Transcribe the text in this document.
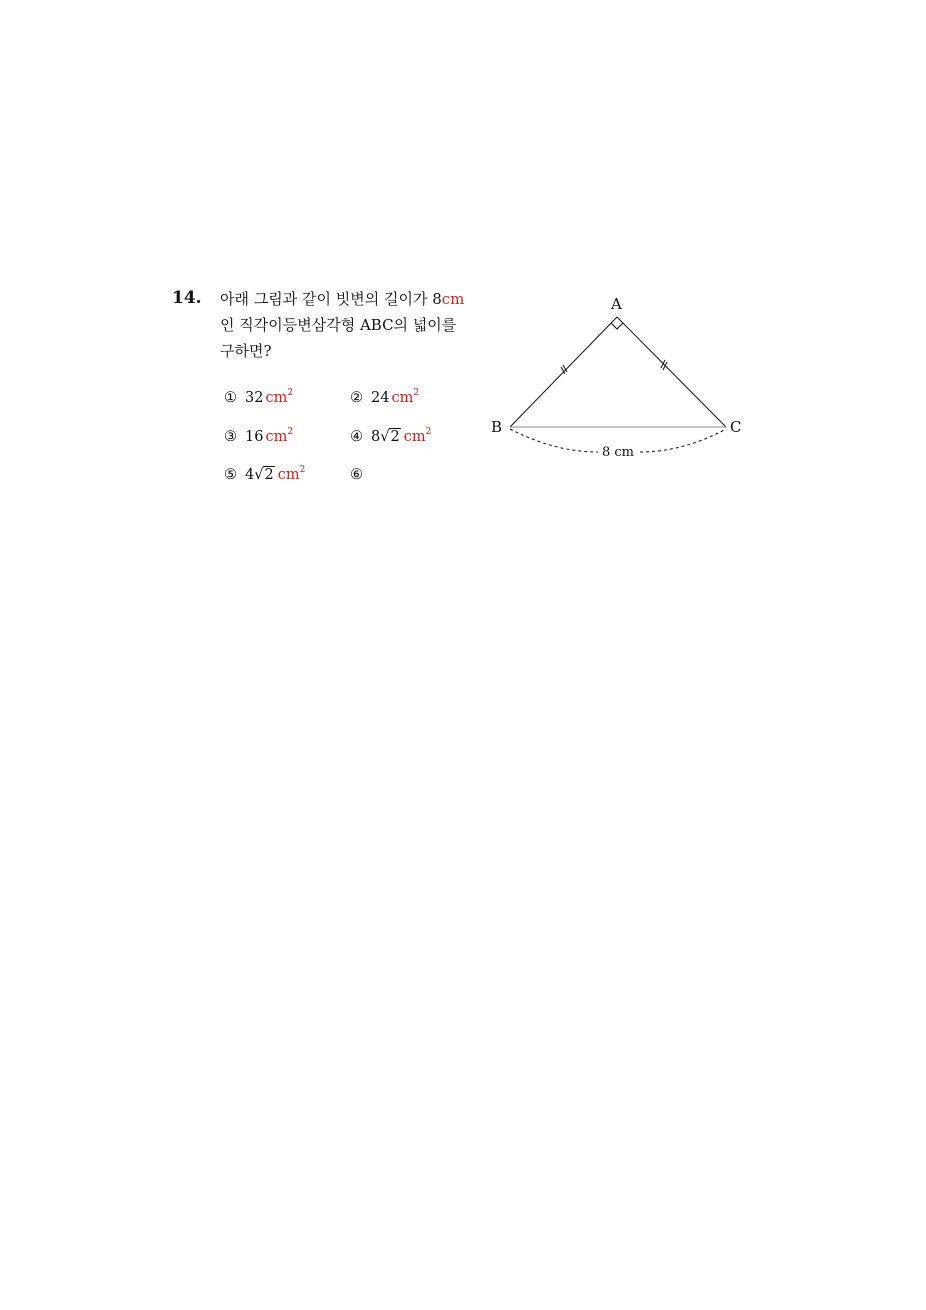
14. 아래 그림과 같이 빗변의 길이가 8cm
인 직각이등변삼각형 ABC의 넓이를
구하면?
① 32 $cm^2$	② 24 $cm^2$
③ 16 $cm^2$	④ 8√2 $cm^2$
⑤ 4√2 $cm^2$	⑥
A
B	C
8 cm
